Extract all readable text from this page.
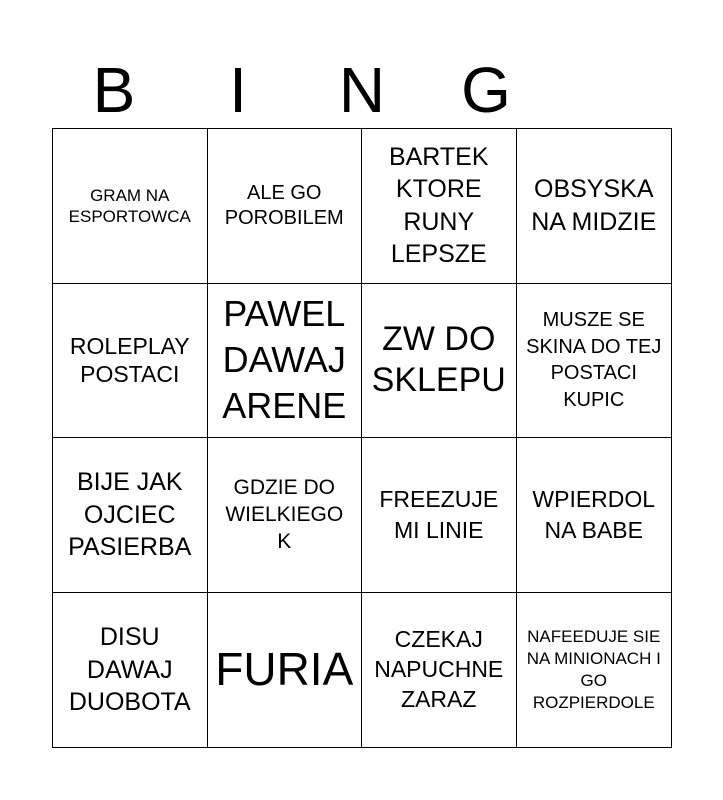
B	I	N	G
GRAM NA ESPORTOWCA
ALE GO POROBILEM
BARTEK KTORE RUNY LEPSZE
OBSYSKA NA MIDZIE
ROLEPLAY POSTACI
PAWEL DAWAJ ARENE
ZW DO SKLEPU
MUSZE SE SKINA DO TEJ POSTACI KUPIC
BIJE JAK OJCIEC PASIERBA
GDZIE DO WIELKIEGO K
FREEZUJE MI LINIE
WPIERDOL NA BABE
DISU DAWAJ DUOBOTA
FURIA
CZEKAJ NAPUCHNE ZARAZ
NAFEEDUJE SIE NA MINIONACH I GO ROZPIERDOLE
